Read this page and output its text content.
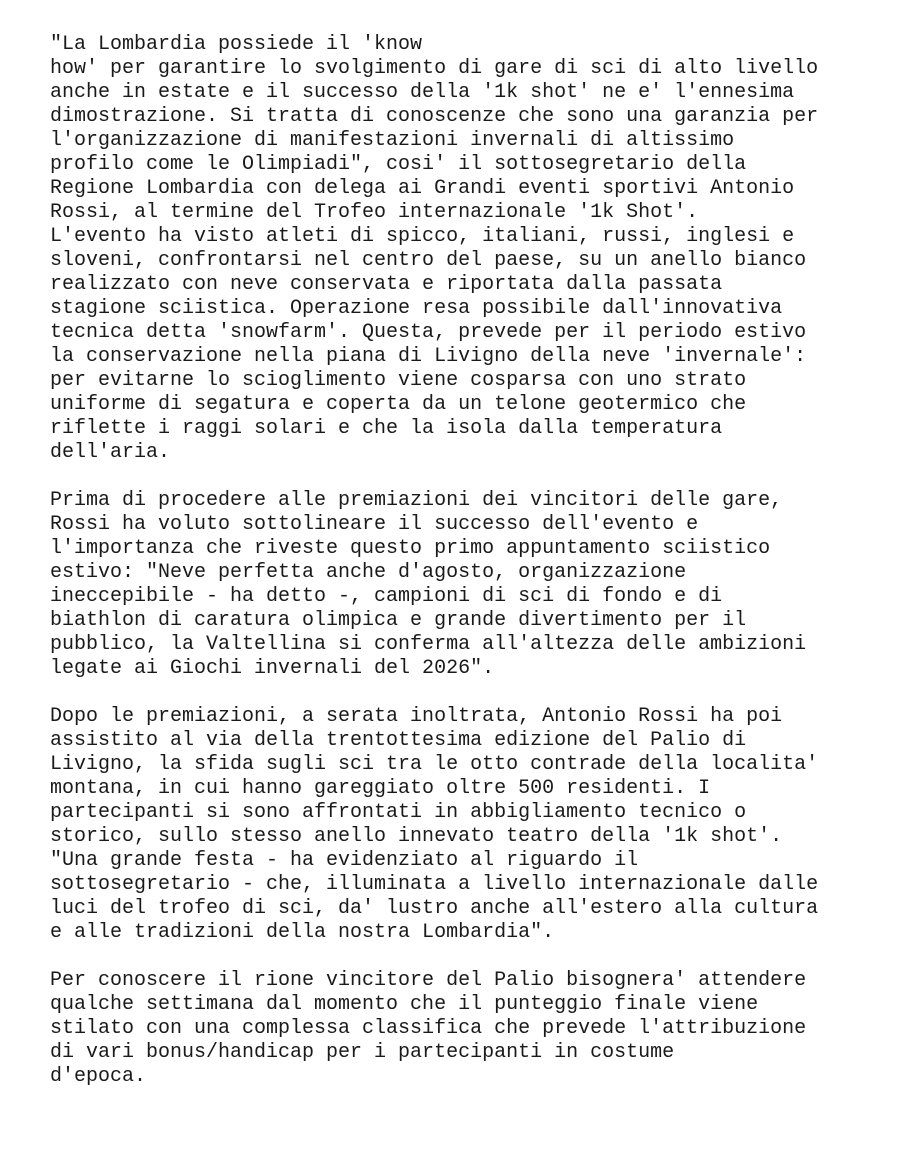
"La Lombardia possiede il 'know
how' per garantire lo svolgimento di gare di sci di alto livello
anche in estate e il successo della '1k shot' ne e' l'ennesima
dimostrazione. Si tratta di conoscenze che sono una garanzia per
l'organizzazione di manifestazioni invernali di altissimo
profilo come le Olimpiadi", cosi' il sottosegretario della
Regione Lombardia con delega ai Grandi eventi sportivi Antonio
Rossi, al termine del Trofeo internazionale '1k Shot'.
L'evento ha visto atleti di spicco, italiani, russi, inglesi e
sloveni, confrontarsi nel centro del paese, su un anello bianco
realizzato con neve conservata e riportata dalla passata
stagione sciistica. Operazione resa possibile dall'innovativa
tecnica detta 'snowfarm'. Questa, prevede per il periodo estivo
la conservazione nella piana di Livigno della neve 'invernale':
per evitarne lo scioglimento viene cosparsa con uno strato
uniforme di segatura e coperta da un telone geotermico che
riflette i raggi solari e che la isola dalla temperatura
dell'aria.

Prima di procedere alle premiazioni dei vincitori delle gare,
Rossi ha voluto sottolineare il successo dell'evento e
l'importanza che riveste questo primo appuntamento sciistico
estivo: "Neve perfetta anche d'agosto, organizzazione
ineccepibile - ha detto -, campioni di sci di fondo e di
biathlon di caratura olimpica e grande divertimento per il
pubblico, la Valtellina si conferma all'altezza delle ambizioni
legate ai Giochi invernali del 2026".

Dopo le premiazioni, a serata inoltrata, Antonio Rossi ha poi
assistito al via della trentottesima edizione del Palio di
Livigno, la sfida sugli sci tra le otto contrade della localita'
montana, in cui hanno gareggiato oltre 500 residenti. I
partecipanti si sono affrontati in abbigliamento tecnico o
storico, sullo stesso anello innevato teatro della '1k shot'.
"Una grande festa - ha evidenziato al riguardo il
sottosegretario - che, illuminata a livello internazionale dalle
luci del trofeo di sci, da' lustro anche all'estero alla cultura
e alle tradizioni della nostra Lombardia".

Per conoscere il rione vincitore del Palio bisognera' attendere
qualche settimana dal momento che il punteggio finale viene
stilato con una complessa classifica che prevede l'attribuzione
di vari bonus/handicap per i partecipanti in costume
d'epoca.
